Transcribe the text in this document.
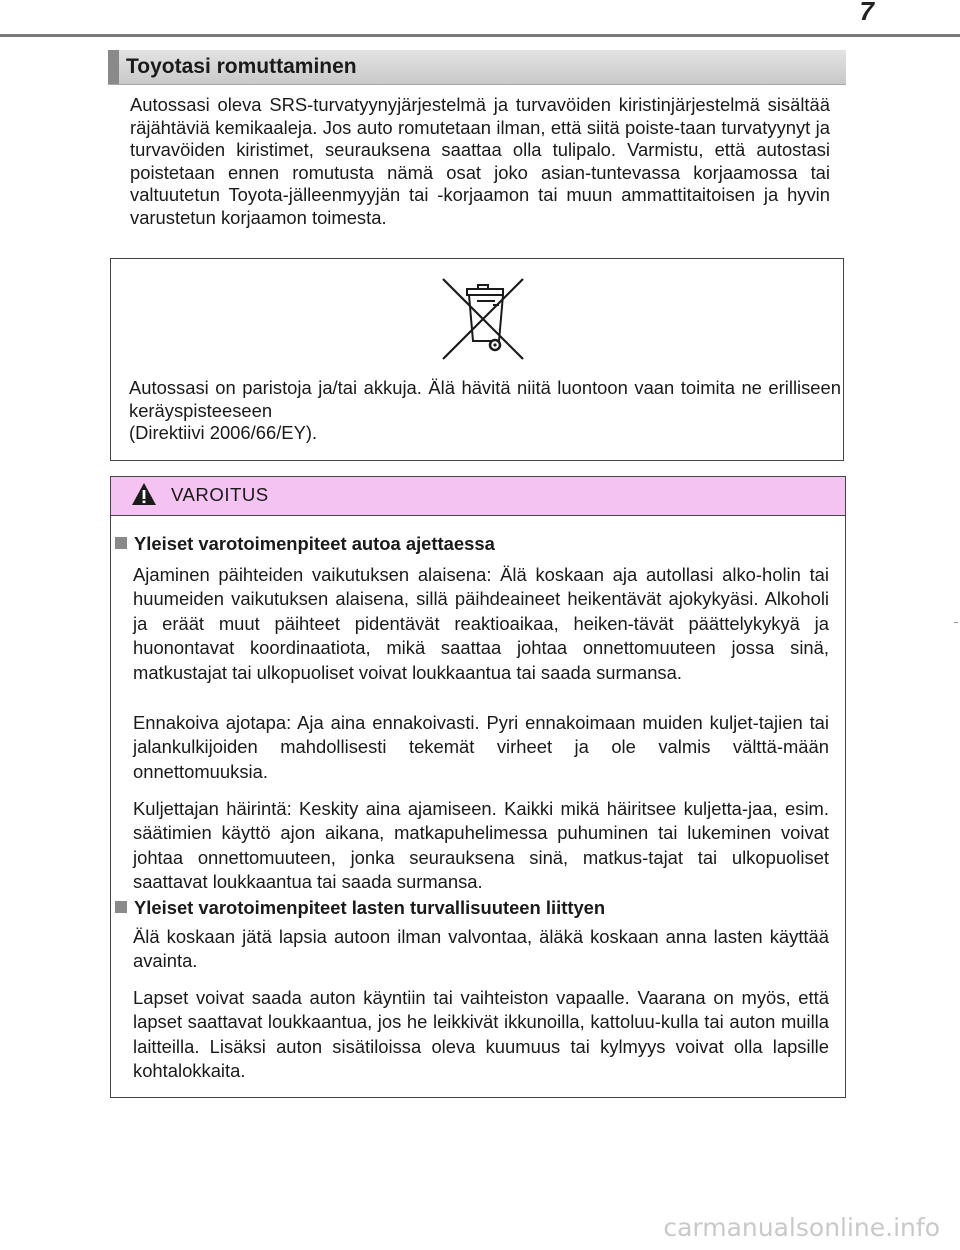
7
Toyotasi romuttaminen

Autossasi oleva SRS-turvatyynyjärjestelmä ja turvavöiden kiristinjärjestelmä sisältää räjähtäviä kemikaaleja. Jos auto romutetaan ilman, että siitä poiste-taan turvatyynyt ja turvavöiden kiristimet, seurauksena saattaa olla tulipalo. Varmistu, että autostasi poistetaan ennen romutusta nämä osat joko asian-tuntevassa korjaamossa tai valtuutetun Toyota-jälleenmyyjän tai -korjaamon tai muun ammattitaitoisen ja hyvin varustetun korjaamon toimesta.

Autossasi on paristoja ja/tai akkuja. Älä hävitä niitä luontoon vaan toimita ne erilliseen keräyspisteeseen
(Direktiivi 2006/66/EY).

VAROITUS
Yleiset varotoimenpiteet autoa ajettaessa

Ajaminen päihteiden vaikutuksen alaisena: Älä koskaan aja autollasi alko-holin tai huumeiden vaikutuksen alaisena, sillä päihdeaineet heikentävät ajokykyäsi. Alkoholi ja eräät muut päihteet pidentävät reaktioaikaa, heiken-tävät päättelykykyä ja huonontavat koordinaatiota, mikä saattaa johtaa onnettomuuteen jossa sinä, matkustajat tai ulkopuoliset voivat loukkaantua tai saada surmansa.

Ennakoiva ajotapa: Aja aina ennakoivasti. Pyri ennakoimaan muiden kuljet-tajien tai jalankulkijoiden mahdollisesti tekemät virheet ja ole valmis välttä-mään onnettomuuksia.

Kuljettajan häirintä: Keskity aina ajamiseen. Kaikki mikä häiritsee kuljetta-jaa, esim. säätimien käyttö ajon aikana, matkapuhelimessa puhuminen tai lukeminen voivat johtaa onnettomuuteen, jonka seurauksena sinä, matkus-tajat tai ulkopuoliset saattavat loukkaantua tai saada surmansa.

Yleiset varotoimenpiteet lasten turvallisuuteen liittyen

Älä koskaan jätä lapsia autoon ilman valvontaa, äläkä koskaan anna lasten käyttää avainta.

Lapset voivat saada auton käyntiin tai vaihteiston vapaalle. Vaarana on myös, että lapset saattavat loukkaantua, jos he leikkivät ikkunoilla, kattoluu-kulla tai auton muilla laitteilla. Lisäksi auton sisätiloissa oleva kuumuus tai kylmyys voivat olla lapsille kohtalokkaita.

carmanualsonline.info
